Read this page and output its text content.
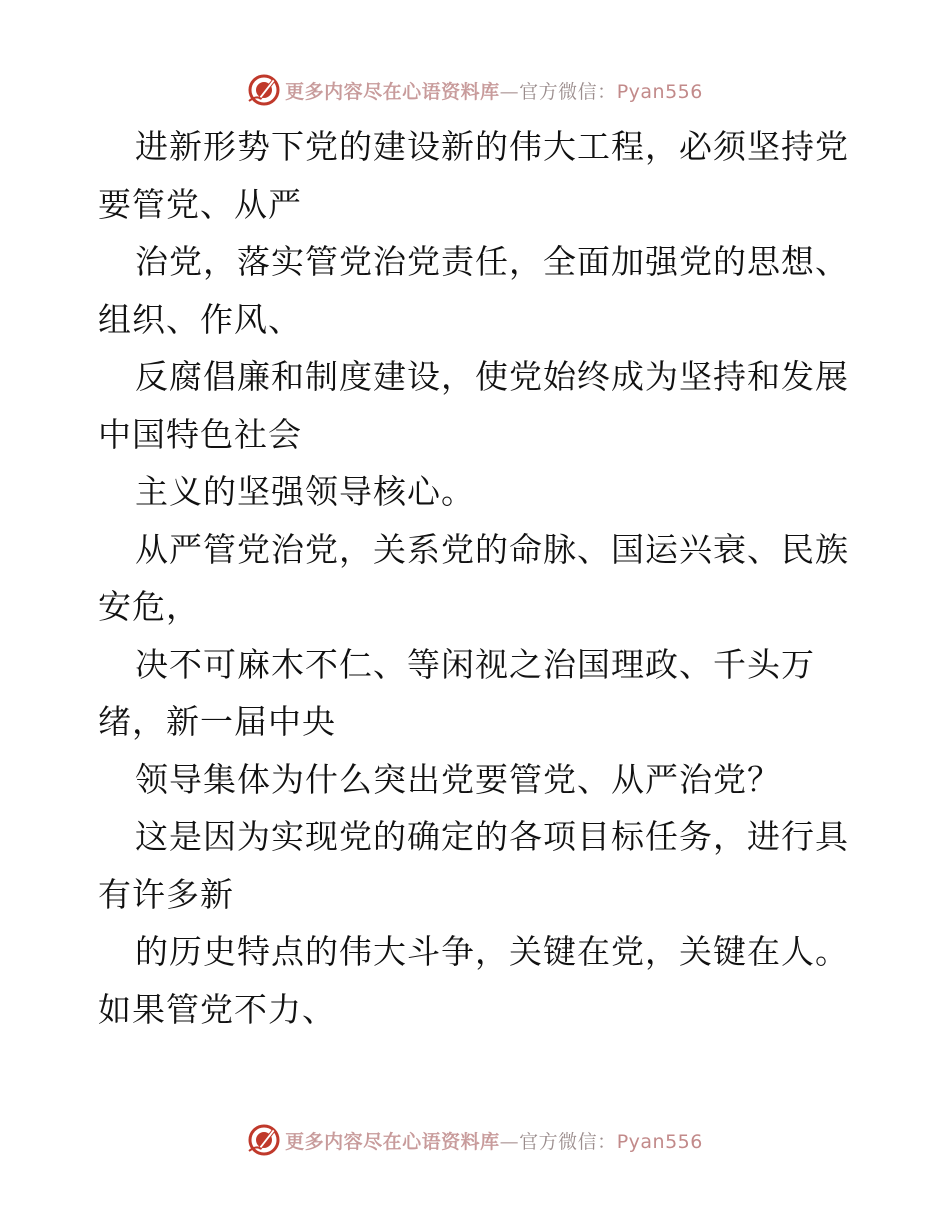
更多内容尽在心语资料库—官方微信：Pyan556
进新形势下党的建设新的伟大工程，必须坚持党
要管党、从严
治党，落实管党治党责任，全面加强党的思想、
组织、作风、
反腐倡廉和制度建设，使党始终成为坚持和发展
中国特色社会
主义的坚强领导核心。
从严管党治党，关系党的命脉、国运兴衰、民族
安危，
决不可麻木不仁、等闲视之治国理政、千头万
绪，新一届中央
领导集体为什么突出党要管党、从严治党？
这是因为实现党的确定的各项目标任务，进行具
有许多新
的历史特点的伟大斗争，关键在党，关键在人。
如果管党不力、
更多内容尽在心语资料库—官方微信：Pyan556
